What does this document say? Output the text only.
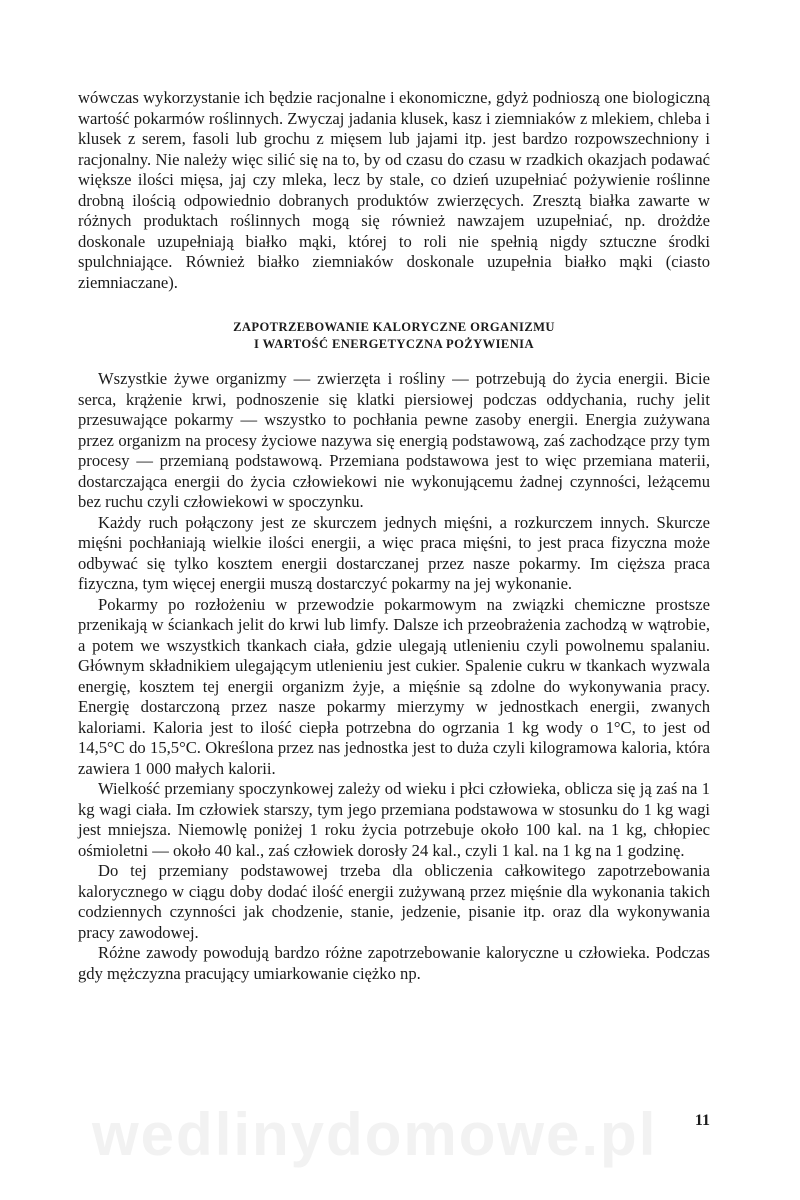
wówczas wykorzystanie ich będzie racjonalne i ekonomiczne, gdyż podnioszą one biologiczną wartość pokarmów roślinnych. Zwyczaj jadania klusek, kasz i ziemniaków z mlekiem, chleba i klusek z serem, fasoli lub grochu z mięsem lub jajami itp. jest bardzo rozpowszechniony i racjonalny. Nie należy więc silić się na to, by od czasu do czasu w rzadkich okazjach podawać większe ilości mięsa, jaj czy mleka, lecz by stale, co dzień uzupełniać pożywienie roślinne drobną ilością odpowiednio dobranych produktów zwierzęcych. Zresztą białka zawarte w różnych produktach roślinnych mogą się również nawzajem uzupełniać, np. drożdże doskonale uzupełniają białko mąki, której to roli nie spełnią nigdy sztuczne środki spulchniające. Również białko ziemniaków doskonale uzupełnia białko mąki (ciasto ziemniaczane).

ZAPOTRZEBOWANIE KALORYCZNE ORGANIZMU
I WARTOŚĆ ENERGETYCZNA POŻYWIENIA

Wszystkie żywe organizmy — zwierzęta i rośliny — potrzebują do życia energii. Bicie serca, krążenie krwi, podnoszenie się klatki piersiowej podczas oddychania, ruchy jelit przesuwające pokarmy — wszystko to pochłania pewne zasoby energii. Energia zużywana przez organizm na procesy życiowe nazywa się energią podstawową, zaś zachodzące przy tym procesy — przemianą podstawową. Przemiana podstawowa jest to więc przemiana materii, dostarczająca energii do życia człowiekowi nie wykonującemu żadnej czynności, leżącemu bez ruchu czyli człowiekowi w spoczynku.

Każdy ruch połączony jest ze skurczem jednych mięśni, a rozkurczem innych. Skurcze mięśni pochłaniają wielkie ilości energii, a więc praca mięśni, to jest praca fizyczna może odbywać się tylko kosztem energii dostarczanej przez nasze pokarmy. Im cięższa praca fizyczna, tym więcej energii muszą dostarczyć pokarmy na jej wykonanie.

Pokarmy po rozłożeniu w przewodzie pokarmowym na związki chemiczne prostsze przenikają w ściankach jelit do krwi lub limfy. Dalsze ich przeobrażenia zachodzą w wątrobie, a potem we wszystkich tkankach ciała, gdzie ulegają utlenieniu czyli powolnemu spalaniu. Głównym składnikiem ulegającym utlenieniu jest cukier. Spalenie cukru w tkankach wyzwala energię, kosztem tej energii organizm żyje, a mięśnie są zdolne do wykonywania pracy. Energię dostarczoną przez nasze pokarmy mierzymy w jednostkach energii, zwanych kaloriami. Kaloria jest to ilość ciepła potrzebna do ogrzania 1 kg wody o 1°C, to jest od 14,5°C do 15,5°C. Określona przez nas jednostka jest to duża czyli kilogramowa kaloria, która zawiera 1 000 małych kalorii.

Wielkość przemiany spoczynkowej zależy od wieku i płci człowieka, oblicza się ją zaś na 1 kg wagi ciała. Im człowiek starszy, tym jego przemiana podstawowa w stosunku do 1 kg wagi jest mniejsza. Niemowlę poniżej 1 roku życia potrzebuje około 100 kal. na 1 kg, chłopiec ośmioletni — około 40 kal., zaś człowiek dorosły 24 kal., czyli 1 kal. na 1 kg na 1 godzinę.

Do tej przemiany podstawowej trzeba dla obliczenia całkowitego zapotrzebowania kalorycznego w ciągu doby dodać ilość energii zużywaną przez mięśnie dla wykonania takich codziennych czynności jak chodzenie, stanie, jedzenie, pisanie itp. oraz dla wykonywania pracy zawodowej.

Różne zawody powodują bardzo różne zapotrzebowanie kaloryczne u człowieka. Podczas gdy mężczyzna pracujący umiarkowanie ciężko np.

wedlinydomowe.pl	11
